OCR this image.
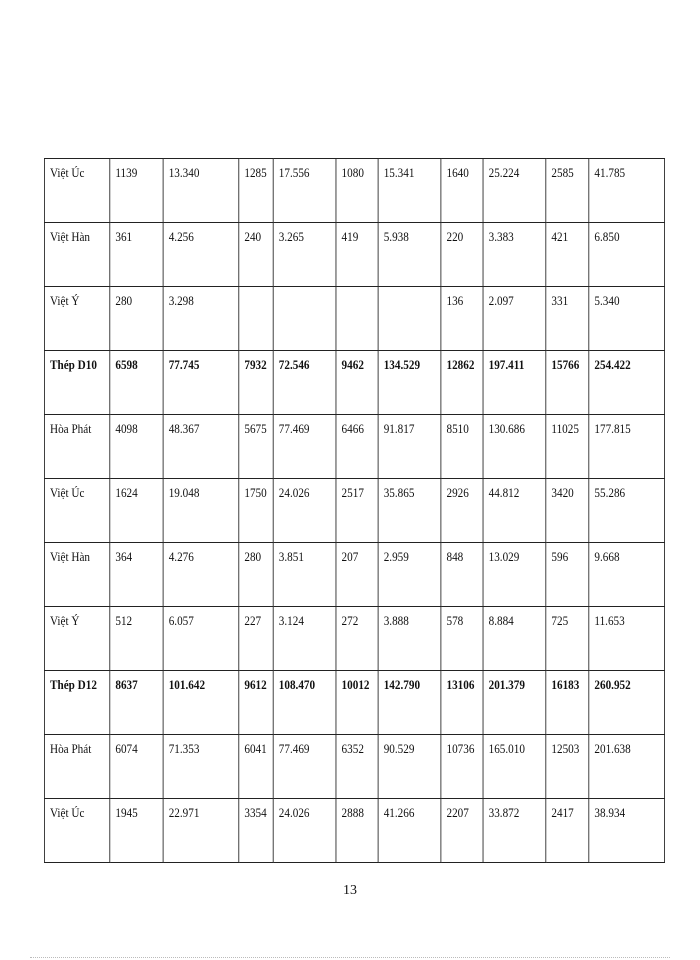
Việt Úc	1139	13.340	1285	17.556	1080	15.341	1640	25.224	2585	41.785
Việt Hàn	361	4.256	240	3.265	419	5.938	220	3.383	421	6.850
Việt Ý	280	3.298					136	2.097	331	5.340
Thép D10	6598	77.745	7932	72.546	9462	134.529	12862	197.411	15766	254.422
Hòa Phát	4098	48.367	5675	77.469	6466	91.817	8510	130.686	11025	177.815
Việt Úc	1624	19.048	1750	24.026	2517	35.865	2926	44.812	3420	55.286
Việt Hàn	364	4.276	280	3.851	207	2.959	848	13.029	596	9.668
Việt Ý	512	6.057	227	3.124	272	3.888	578	8.884	725	11.653
Thép D12	8637	101.642	9612	108.470	10012	142.790	13106	201.379	16183	260.952
Hòa Phát	6074	71.353	6041	77.469	6352	90.529	10736	165.010	12503	201.638
Việt Úc	1945	22.971	3354	24.026	2888	41.266	2207	33.872	2417	38.934
13
